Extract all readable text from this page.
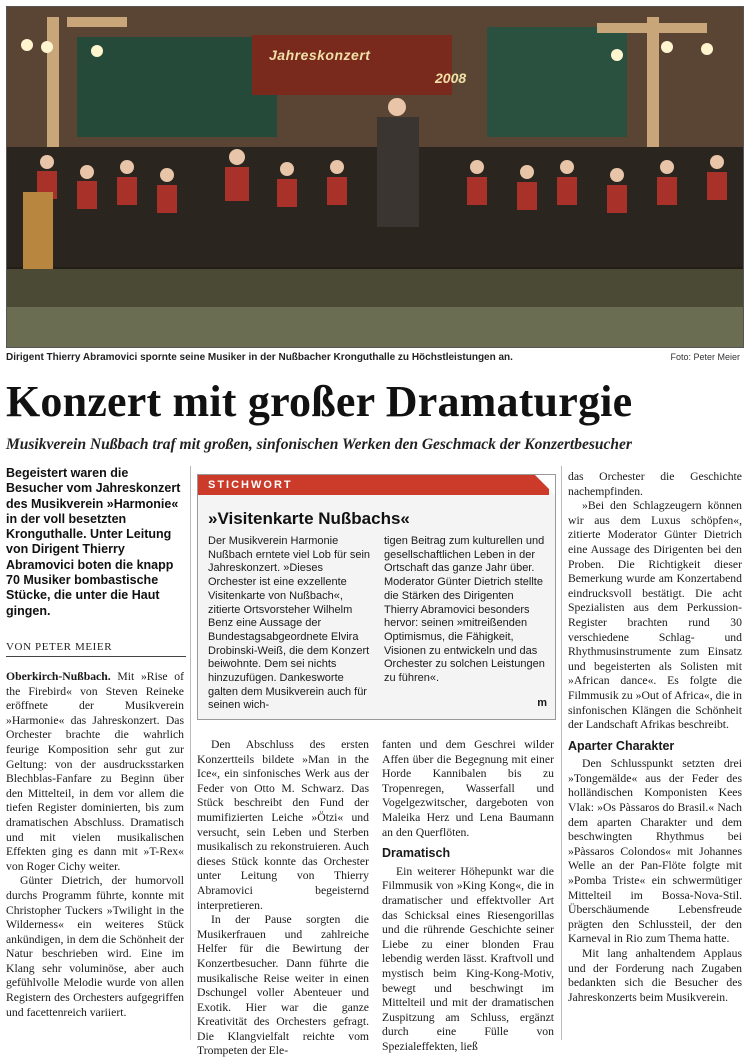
Jahreskonzert
2008
Dirigent Thierry Abramovici spornte seine Musiker in der Nußbacher Kronguthalle zu Höchstleistungen an.	Foto: Peter Meier
Konzert mit großer Dramaturgie
Musikverein Nußbach traf mit großen, sinfonischen Werken den Geschmack der Konzertbesucher
Begeistert waren die Besucher vom Jahreskonzert des Musikverein »Harmonie« in der voll besetzten Kronguthalle. Unter Leitung von Dirigent Thierry Abramovici boten die knapp 70 Musiker bombastische Stücke, die unter die Haut gingen.
VON PETER MEIER

Oberkirch-Nußbach. Mit »Rise of the Firebird« von Steven Reineke eröffnete der Musikverein »Harmonie« das Jahreskonzert. Das Orchester brachte die wahrlich feurige Komposition sehr gut zur Geltung: von der ausdrucksstarken Blechblas-Fanfare zu Beginn über den Mittelteil, in dem vor allem die tiefen Register dominierten, bis zum dramatischen Abschluss. Dramatisch und mit vielen musikalischen Effekten ging es dann mit »T-Rex« von Roger Cichy weiter.

Günter Dietrich, der humorvoll durchs Programm führte, konnte mit Christopher Tuckers »Twilight in the Wilderness« ein weiteres Stück ankündigen, in dem die Schönheit der Natur beschrieben wird. Eine im Klang sehr voluminöse, aber auch gefühlvolle Melodie wurde von allen Registern des Orchesters aufgegriffen und facettenreich variiert.

STICHWORT
»Visitenkarte Nußbachs«
Der Musikverein Harmonie Nußbach erntete viel Lob für sein Jahreskonzert. »Dieses Orchester ist eine exzellente Visitenkarte von Nußbach«, zitierte Ortsvorsteher Wilhelm Benz eine Aussage der Bundestagsabgeordnete Elvira Drobinski-Weiß, die dem Konzert beiwohnte. Dem sei nichts hinzuzufügen. Dankesworte galten dem Musikverein auch für seinen wich-
tigen Beitrag zum kulturellen und gesellschaftlichen Leben in der Ortschaft das ganze Jahr über. Moderator Günter Dietrich stellte die Stärken des Dirigenten Thierry Abramovici besonders hervor: seinen »mitreißenden Optimismus, die Fähigkeit, Visionen zu entwickeln und das Orchester zu solchen Leistungen zu führen«.
m

Den Abschluss des ersten Konzertteils bildete »Man in the Ice«, ein sinfonisches Werk aus der Feder von Otto M. Schwarz. Das Stück beschreibt den Fund der mumifizierten Leiche »Ötzi« und versucht, sein Leben und Sterben musikalisch zu rekonstruieren. Auch dieses Stück konnte das Orchester unter Leitung von Thierry Abramovici begeisternd interpretieren.

In der Pause sorgten die Musikerfrauen und zahlreiche Helfer für die Bewirtung der Konzertbesucher. Dann führte die musikalische Reise weiter in einen Dschungel voller Abenteuer und Exotik. Hier war die ganze Kreativität des Orchesters gefragt. Die Klangvielfalt reichte vom Trompeten der Ele-

fanten und dem Geschrei wilder Affen über die Begegnung mit einer Horde Kannibalen bis zu Tropenregen, Wasserfall und Vogelgezwitscher, dargeboten von Maleika Herz und Lena Baumann an den Querflöten.

Dramatisch

Ein weiterer Höhepunkt war die Filmmusik von »King Kong«, die in dramatischer und effektvoller Art das Schicksal eines Riesengorillas und die rührende Geschichte seiner Liebe zu einer blonden Frau lebendig werden lässt. Kraftvoll und mystisch beim King-Kong-Motiv, bewegt und beschwingt im Mittelteil und mit der dramatischen Zuspitzung am Schluss, ergänzt durch eine Fülle von Spezialeffekten, ließ

das Orchester die Geschichte nachempfinden.

»Bei den Schlagzeugern können wir aus dem Luxus schöpfen«, zitierte Moderator Günter Dietrich eine Aussage des Dirigenten bei den Proben. Die Richtigkeit dieser Bemerkung wurde am Konzertabend eindrucksvoll bestätigt. Die acht Spezialisten aus dem Perkussion-Register brachten rund 30 verschiedene Schlag- und Rhythmusinstrumente zum Einsatz und begeisterten als Solisten mit »African dance«. Es folgte die Filmmusik zu »Out of Africa«, die in sinfonischen Klängen die Schönheit der Landschaft Afrikas beschreibt.

Aparter Charakter

Den Schlusspunkt setzten drei »Tongemälde« aus der Feder des holländischen Komponisten Kees Vlak: »Os Pàssaros do Brasil.« Nach dem aparten Charakter und dem beschwingten Rhythmus bei »Pàssaros Colondos« mit Johannes Welle an der Pan-Flöte folgte mit »Pomba Triste« ein schwermütiger Mittelteil im Bossa-Nova-Stil. Überschäumende Lebensfreude prägten den Schlussteil, der den Karneval in Rio zum Thema hatte.

Mit lang anhaltendem Applaus und der Forderung nach Zugaben bedankten sich die Besucher des Jahreskonzerts beim Musikverein.
